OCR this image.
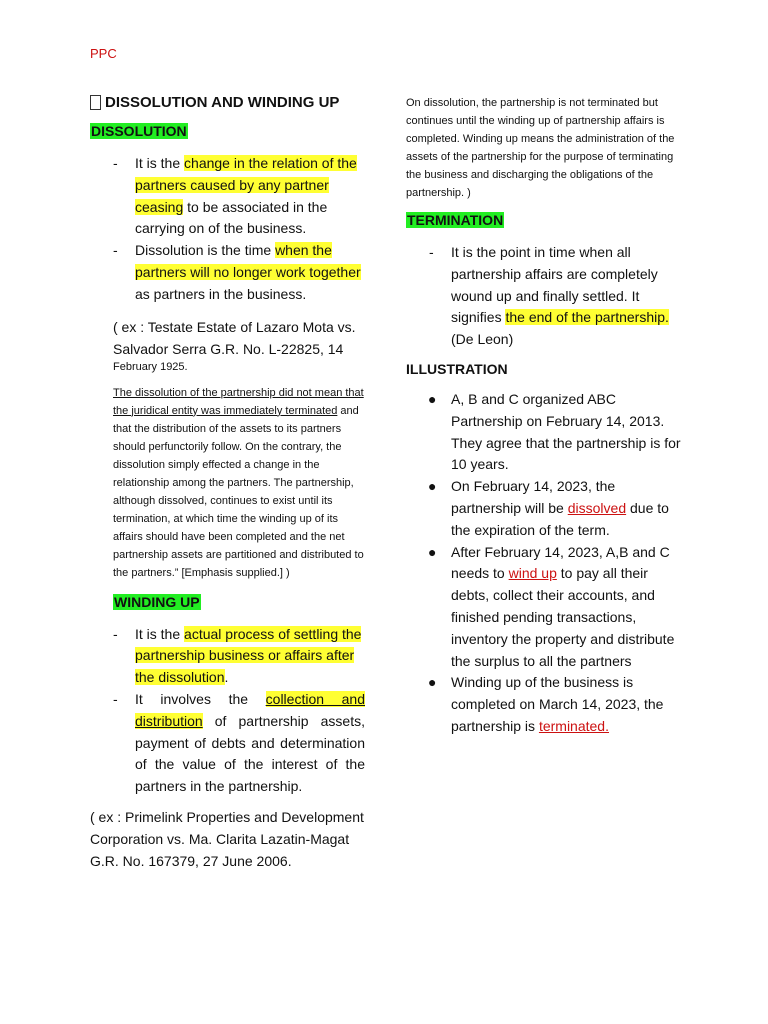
PPC
DISSOLUTION AND WINDING UP
DISSOLUTION
- It is the change in the relation of the partners caused by any partner ceasing to be associated in the carrying on of the business.
- Dissolution is the time when the partners will no longer work together as partners in the business.
( ex : Testate Estate of Lazaro Mota vs. Salvador Serra G.R. No. L-22825, 14
February 1925.
The dissolution of the partnership did not mean that the juridical entity was immediately terminated and that the distribution of the assets to its partners should perfunctorily follow. On the contrary, the dissolution simply effected a change in the relationship among the partners. The partnership, although dissolved, continues to exist until its termination, at which time the winding up of its affairs should have been completed and the net partnership assets are partitioned and distributed to the partners.” [Emphasis supplied.] )
WINDING UP
- It is the actual process of settling the partnership business or affairs after the dissolution.
- It involves the collection and distribution of partnership assets, payment of debts and determination of the value of the interest of the partners in the partnership.
( ex : Primelink Properties and Development Corporation vs. Ma. Clarita Lazatin-Magat G.R. No. 167379, 27 June 2006.
On dissolution, the partnership is not terminated but continues until the winding up of partnership affairs is completed. Winding up means the administration of the assets of the partnership for the purpose of terminating the business and discharging the obligations of the partnership. )
TERMINATION
- It is the point in time when all partnership affairs are completely wound up and finally settled. It signifies the end of the partnership. (De Leon)
ILLUSTRATION
● A, B and C organized ABC Partnership on February 14, 2013. They agree that the partnership is for 10 years.
● On February 14, 2023, the partnership will be dissolved due to the expiration of the term.
● After February 14, 2023, A,B and C needs to wind up to pay all their debts, collect their accounts, and finished pending transactions, inventory the property and distribute the surplus to all the partners
● Winding up of the business is completed on March 14, 2023, the partnership is terminated.
